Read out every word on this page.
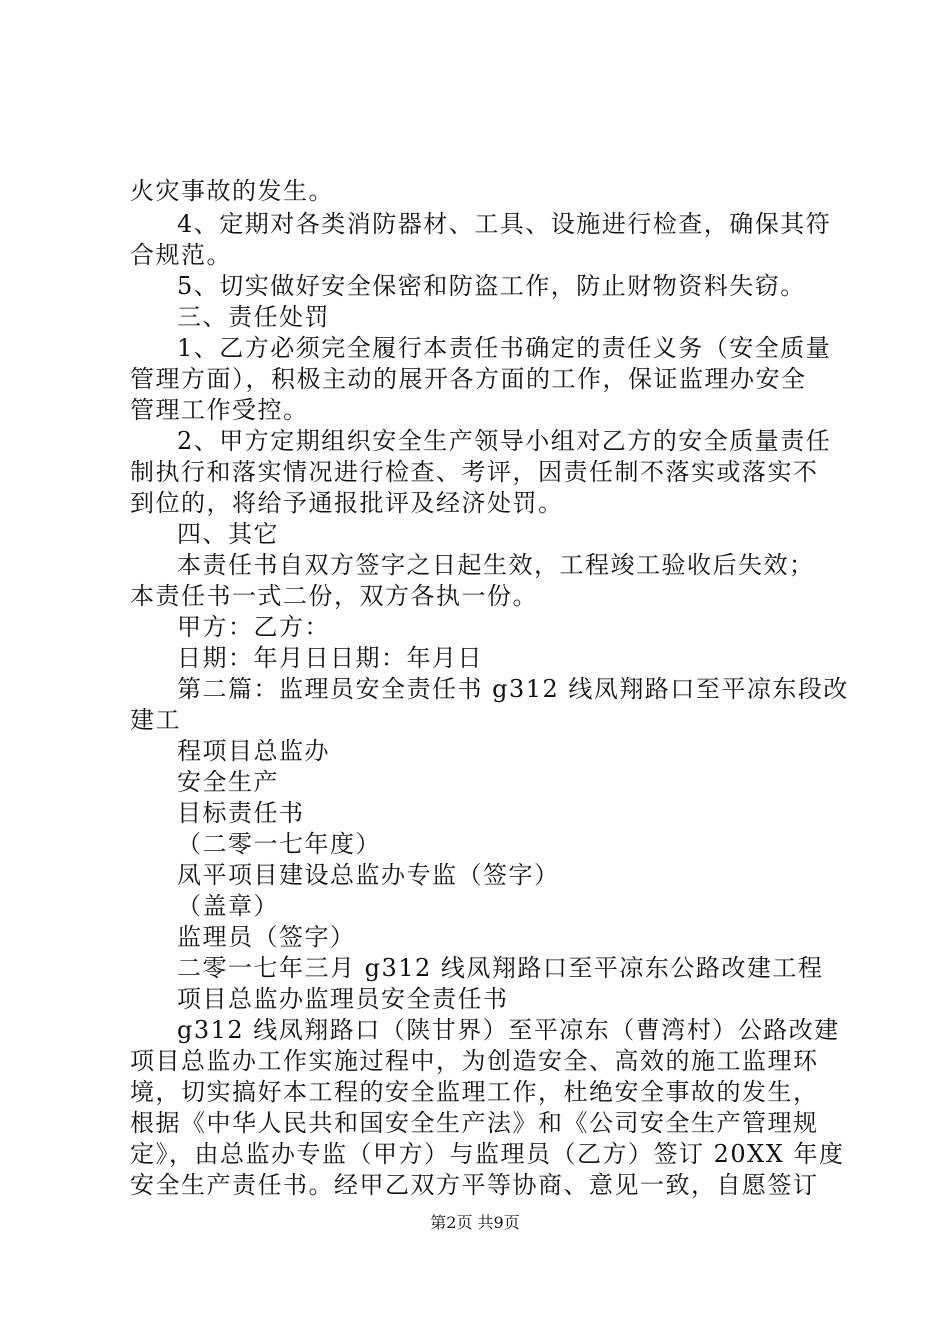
火灾事故的发生。
4、定期对各类消防器材、工具、设施进行检查，确保其符
合规范。
5、切实做好安全保密和防盗工作，防止财物资料失窃。
三、责任处罚
1、乙方必须完全履行本责任书确定的责任义务（安全质量
管理方面），积极主动的展开各方面的工作，保证监理办安全
管理工作受控。
2、甲方定期组织安全生产领导小组对乙方的安全质量责任
制执行和落实情况进行检查、考评，因责任制不落实或落实不
到位的，将给予通报批评及经济处罚。
四、其它
本责任书自双方签字之日起生效，工程竣工验收后失效；
本责任书一式二份，双方各执一份。
甲方：乙方：
日期：年月日日期：年月日
第二篇：监理员安全责任书 g312 线凤翔路口至平凉东段改
建工
程项目总监办
安全生产
目标责任书
（二零一七年度）
凤平项目建设总监办专监（签字）
（盖章）
监理员（签字）
二零一七年三月 g312 线凤翔路口至平凉东公路改建工程
项目总监办监理员安全责任书
g312 线凤翔路口（陕甘界）至平凉东（曹湾村）公路改建
项目总监办工作实施过程中，为创造安全、高效的施工监理环
境，切实搞好本工程的安全监理工作，杜绝安全事故的发生，
根据《中华人民共和国安全生产法》和《公司安全生产管理规
定》，由总监办专监（甲方）与监理员（乙方）签订 20XX 年度
安全生产责任书。经甲乙双方平等协商、意见一致，自愿签订
第2页 共9页
